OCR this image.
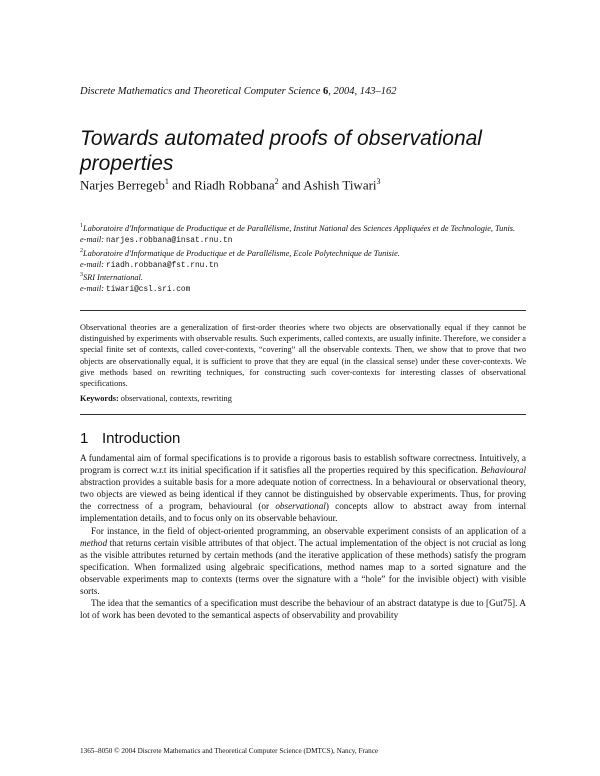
Discrete Mathematics and Theoretical Computer Science 6, 2004, 143–162
Towards automated proofs of observational properties
Narjes Berregeb$^1$ and Riadh Robbana$^2$ and Ashish Tiwari$^3$
$^1$Laboratoire d'Informatique de Productique et de Parallélisme, Institut National des Sciences Appliquées et de Technologie, Tunis.
e-mail: narjes.robbana@insat.rnu.tn
$^2$Laboratoire d'Informatique de Productique et de Parallélisme, Ecole Polytechnique de Tunisie.
e-mail: riadh.robbana@fst.rnu.tn
$^3$SRI International.
e-mail: tiwari@csl.sri.com
Observational theories are a generalization of first-order theories where two objects are observationally equal if they cannot be distinguished by experiments with observable results. Such experiments, called contexts, are usually infinite. Therefore, we consider a special finite set of contexts, called cover-contexts, “covering” all the observable contexts. Then, we show that to prove that two objects are observationally equal, it is sufficient to prove that they are equal (in the classical sense) under these cover-contexts. We give methods based on rewriting techniques, for constructing such cover-contexts for interesting classes of observational specifications.
Keywords: observational, contexts, rewriting
1 Introduction

A fundamental aim of formal specifications is to provide a rigorous basis to establish software correctness. Intuitively, a program is correct w.r.t its initial specification if it satisfies all the properties required by this specification. Behavioural abstraction provides a suitable basis for a more adequate notion of correctness. In a behavioural or observational theory, two objects are viewed as being identical if they cannot be distinguished by observable experiments. Thus, for proving the correctness of a program, behavioural (or observational) concepts allow to abstract away from internal implementation details, and to focus only on its observable behaviour.

For instance, in the field of object-oriented programming, an observable experiment consists of an application of a method that returns certain visible attributes of that object. The actual implementation of the object is not crucial as long as the visible attributes returned by certain methods (and the iterative application of these methods) satisfy the program specification. When formalized using algebraic specifications, method names map to a sorted signature and the observable experiments map to contexts (terms over the signature with a “hole” for the invisible object) with visible sorts.

The idea that the semantics of a specification must describe the behaviour of an abstract datatype is due to [Gut75]. A lot of work has been devoted to the semantical aspects of observability and provability

1365–8050 © 2004 Discrete Mathematics and Theoretical Computer Science (DMTCS), Nancy, France
